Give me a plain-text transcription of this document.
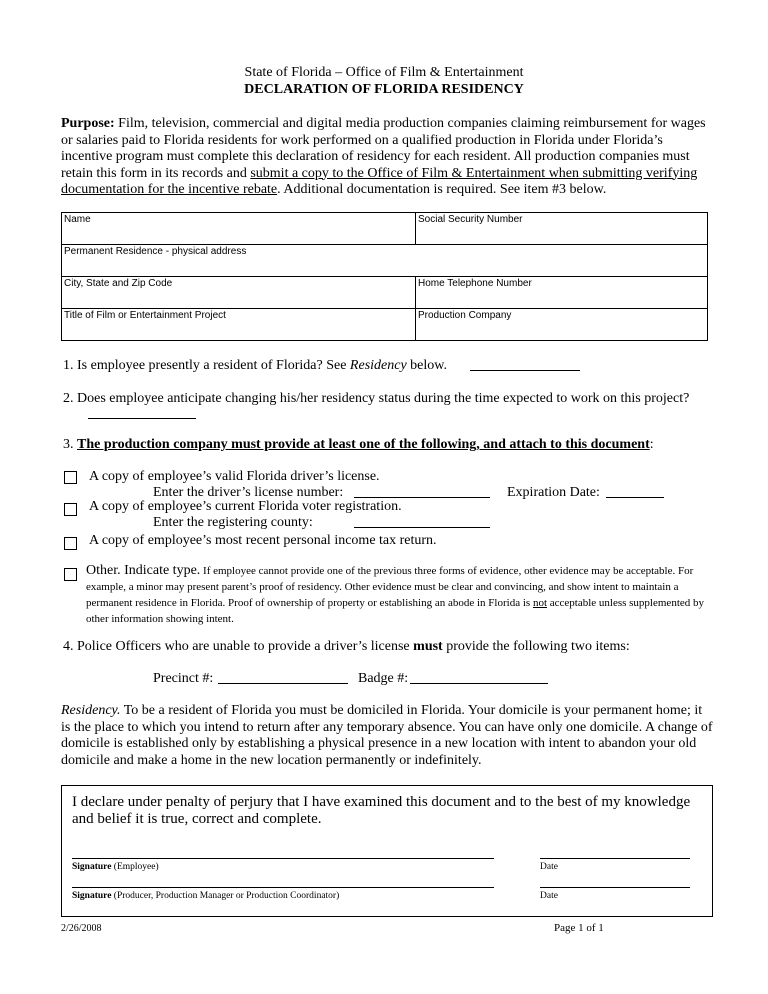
State of Florida – Office of Film & Entertainment
DECLARATION OF FLORIDA RESIDENCY
Purpose: Film, television, commercial and digital media production companies claiming reimbursement for wages or salaries paid to Florida residents for work performed on a qualified production in Florida under Florida’s incentive program must complete this declaration of residency for each resident. All production companies must retain this form in its records and submit a copy to the Office of Film & Entertainment when submitting verifying documentation for the incentive rebate. Additional documentation is required. See item #3 below.
Name	Social Security Number
Permanent Residence - physical address	
City, State and Zip Code	Home Telephone Number
Title of Film or Entertainment Project	Production Company
1. Is employee presently a resident of Florida? See Residency below.
2. Does employee anticipate changing his/her residency status during the time expected to work on this project?
3. The production company must provide at least one of the following, and attach to this document:
A copy of employee’s valid Florida driver’s license.
Enter the driver’s license number:	Expiration Date:
A copy of employee’s current Florida voter registration.
Enter the registering county:
A copy of employee’s most recent personal income tax return.
Other. Indicate type. If employee cannot provide one of the previous three forms of evidence, other evidence may be acceptable. For example, a minor may present parent’s proof of residency. Other evidence must be clear and convincing, and show intent to maintain a permanent residence in Florida. Proof of ownership of property or establishing an abode in Florida is not acceptable unless supplemented by other information showing intent.
4. Police Officers who are unable to provide a driver’s license must provide the following two items:
Precinct #:	Badge #:
Residency. To be a resident of Florida you must be domiciled in Florida. Your domicile is your permanent home; it is the place to which you intend to return after any temporary absence. You can have only one domicile. A change of domicile is established only by establishing a physical presence in a new location with intent to abandon your old domicile and make a home in the new location permanently or indefinitely.
I declare under penalty of perjury that I have examined this document and to the best of my knowledge and belief it is true, correct and complete.
Signature (Employee)	Date
Signature (Producer, Production Manager or Production Coordinator)	Date
2/26/2008	Page 1 of 1
